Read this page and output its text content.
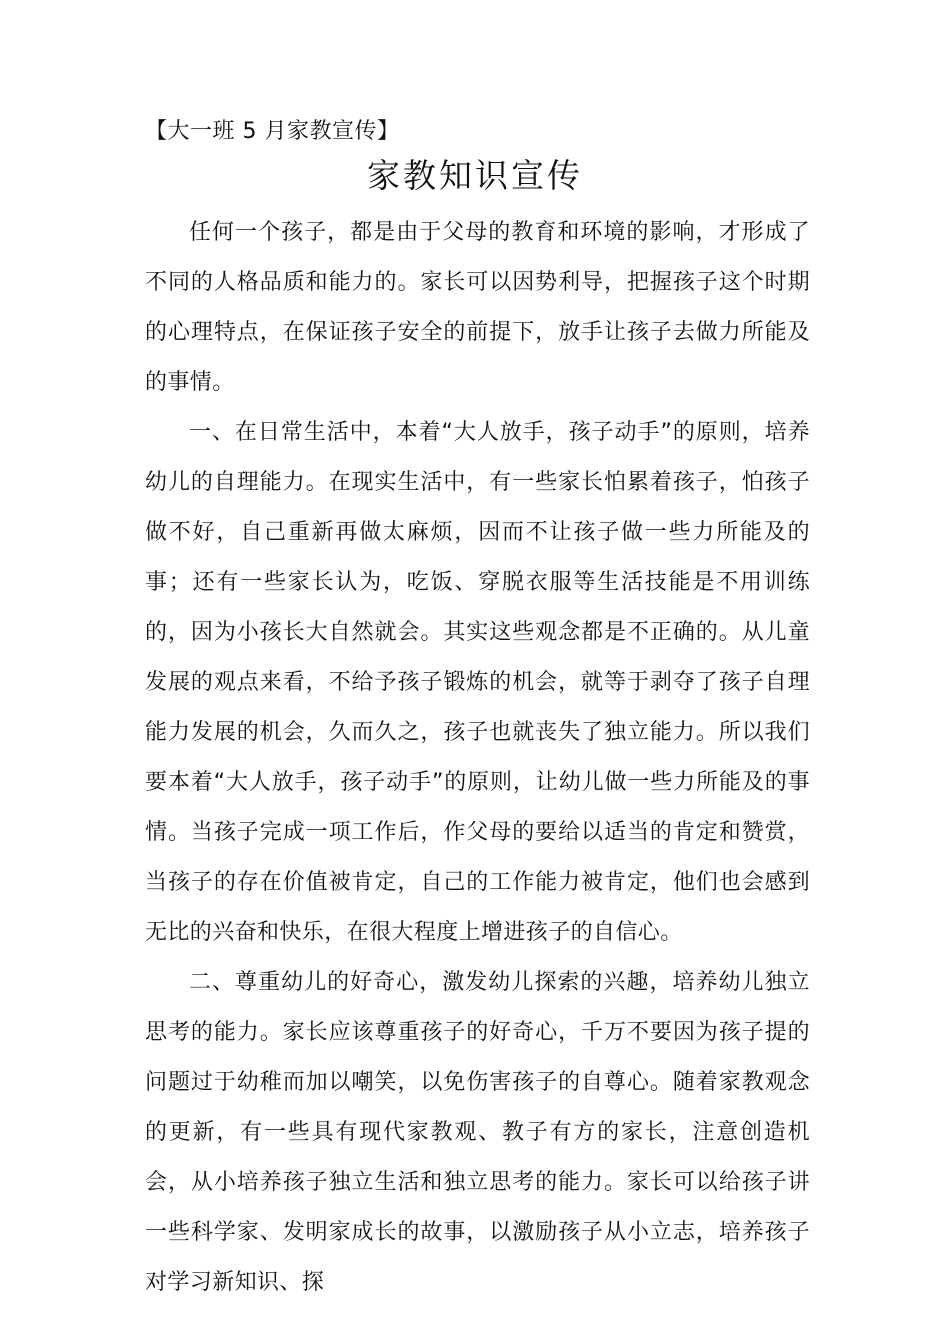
【大一班 5 月家教宣传】
家教知识宣传

任何一个孩子，都是由于父母的教育和环境的影响，才形成了不同的人格品质和能力的。家长可以因势利导，把握孩子这个时期的心理特点，在保证孩子安全的前提下，放手让孩子去做力所能及的事情。

一、在日常生活中，本着“大人放手，孩子动手”的原则，培养幼儿的自理能力。在现实生活中，有一些家长怕累着孩子，怕孩子做不好，自己重新再做太麻烦，因而不让孩子做一些力所能及的事；还有一些家长认为，吃饭、穿脱衣服等生活技能是不用训练的，因为小孩长大自然就会。其实这些观念都是不正确的。从儿童发展的观点来看，不给予孩子锻炼的机会，就等于剥夺了孩子自理能力发展的机会，久而久之，孩子也就丧失了独立能力。所以我们要本着“大人放手，孩子动手”的原则，让幼儿做一些力所能及的事情。当孩子完成一项工作后，作父母的要给以适当的肯定和赞赏，当孩子的存在价值被肯定，自己的工作能力被肯定，他们也会感到无比的兴奋和快乐，在很大程度上增进孩子的自信心。

二、尊重幼儿的好奇心，激发幼儿探索的兴趣，培养幼儿独立思考的能力。家长应该尊重孩子的好奇心，千万不要因为孩子提的问题过于幼稚而加以嘲笑，以免伤害孩子的自尊心。随着家教观念的更新，有一些具有现代家教观、教子有方的家长，注意创造机会，从小培养孩子独立生活和独立思考的能力。家长可以给孩子讲一些科学家、发明家成长的故事，以激励孩子从小立志，培养孩子对学习新知识、探
